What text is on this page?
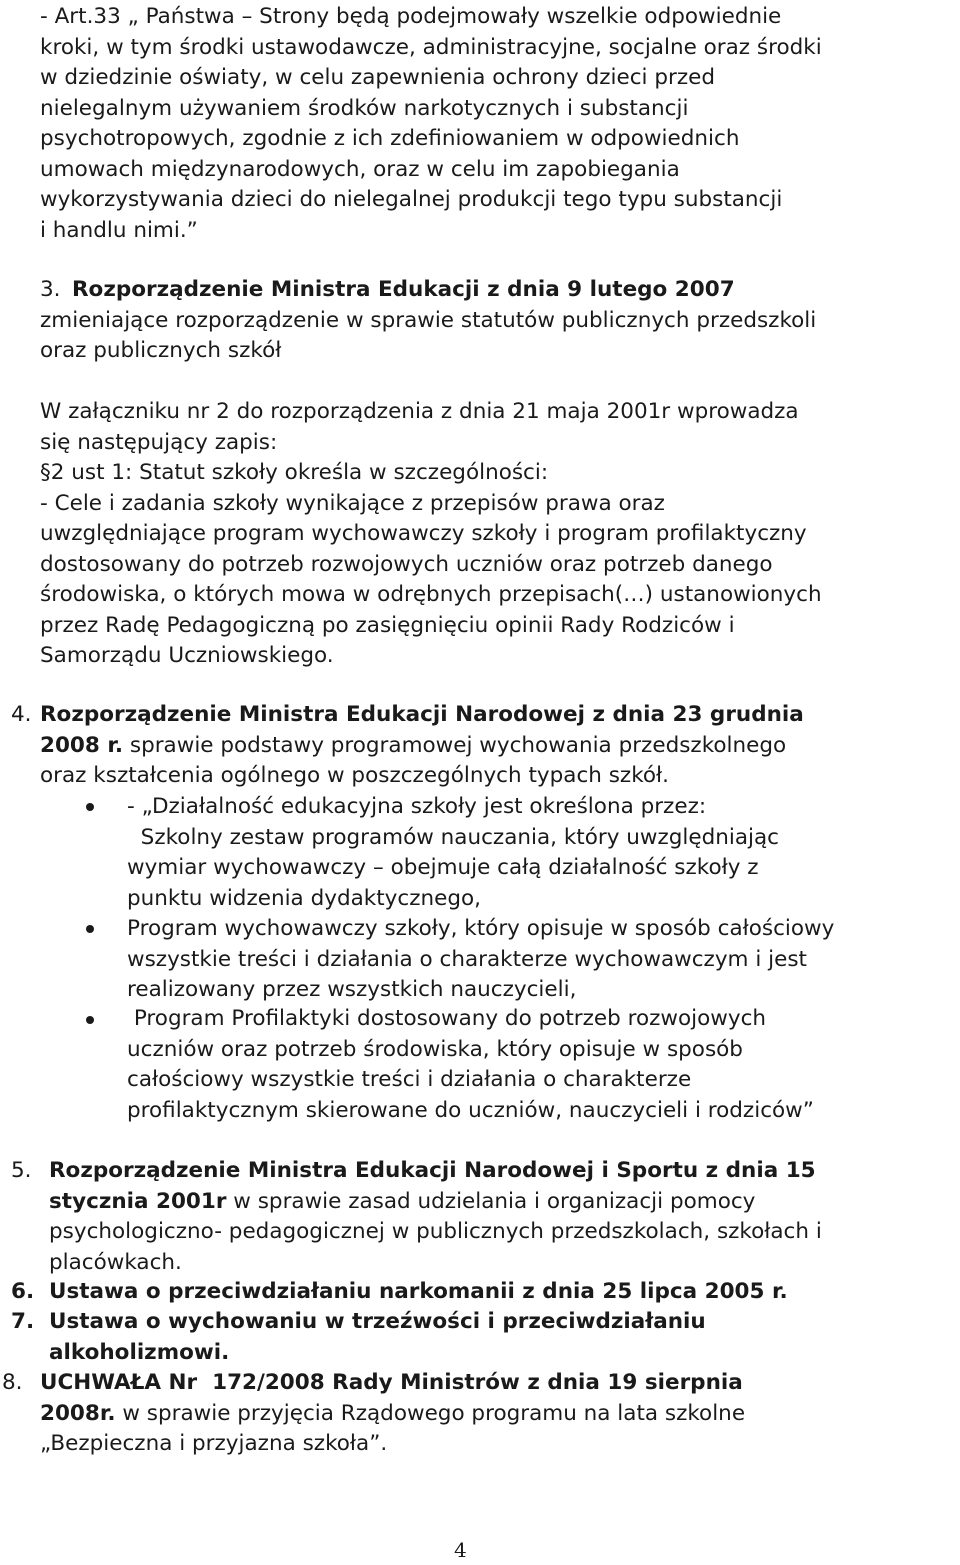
- Art.33 „ Państwa – Strony będą podejmowały wszelkie odpowiednie
kroki, w tym środki ustawodawcze, administracyjne, socjalne oraz środki
w dziedzinie oświaty, w celu zapewnienia ochrony dzieci przed
nielegalnym używaniem środków narkotycznych i substancji
psychotropowych, zgodnie z ich zdefiniowaniem w odpowiednich
umowach międzynarodowych, oraz w celu im zapobiegania
wykorzystywania dzieci do nielegalnej produkcji tego typu substancji
i handlu nimi.”
3. Rozporządzenie Ministra Edukacji z dnia 9 lutego 2007
zmieniające rozporządzenie w sprawie statutów publicznych przedszkoli
oraz publicznych szkół
W załączniku nr 2 do rozporządzenia z dnia 21 maja 2001r wprowadza
się następujący zapis:
§2 ust 1: Statut szkoły określa w szczególności:
- Cele i zadania szkoły wynikające z przepisów prawa oraz
uwzględniające program wychowawczy szkoły i program profilaktyczny
dostosowany do potrzeb rozwojowych uczniów oraz potrzeb danego
środowiska, o których mowa w odrębnych przepisach(…) ustanowionych
przez Radę Pedagogiczną po zasięgnięciu opinii Rady Rodziców i
Samorządu Uczniowskiego.
4. Rozporządzenie Ministra Edukacji Narodowej z dnia 23 grudnia
2008 r. sprawie podstawy programowej wychowania przedszkolnego
oraz kształcenia ogólnego w poszczególnych typach szkół.
- „Działalność edukacyjna szkoły jest określona przez:
Szkolny zestaw programów nauczania, który uwzględniając
wymiar wychowawczy – obejmuje całą działalność szkoły z
punktu widzenia dydaktycznego,
Program wychowawczy szkoły, który opisuje w sposób całościowy
wszystkie treści i działania o charakterze wychowawczym i jest
realizowany przez wszystkich nauczycieli,
Program Profilaktyki dostosowany do potrzeb rozwojowych
uczniów oraz potrzeb środowiska, który opisuje w sposób
całościowy wszystkie treści i działania o charakterze
profilaktycznym skierowane do uczniów, nauczycieli i rodziców”
5. Rozporządzenie Ministra Edukacji Narodowej i Sportu z dnia 15
stycznia 2001r w sprawie zasad udzielania i organizacji pomocy
psychologiczno- pedagogicznej w publicznych przedszkolach, szkołach i
placówkach.
6. Ustawa o przeciwdziałaniu narkomanii z dnia 25 lipca 2005 r.
7. Ustawa o wychowaniu w trzeźwości i przeciwdziałaniu
alkoholizmowi.
8. UCHWAŁA Nr  172/2008 Rady Ministrów z dnia 19 sierpnia
2008r. w sprawie przyjęcia Rządowego programu na lata szkolne
„Bezpieczna i przyjazna szkoła”.
4
